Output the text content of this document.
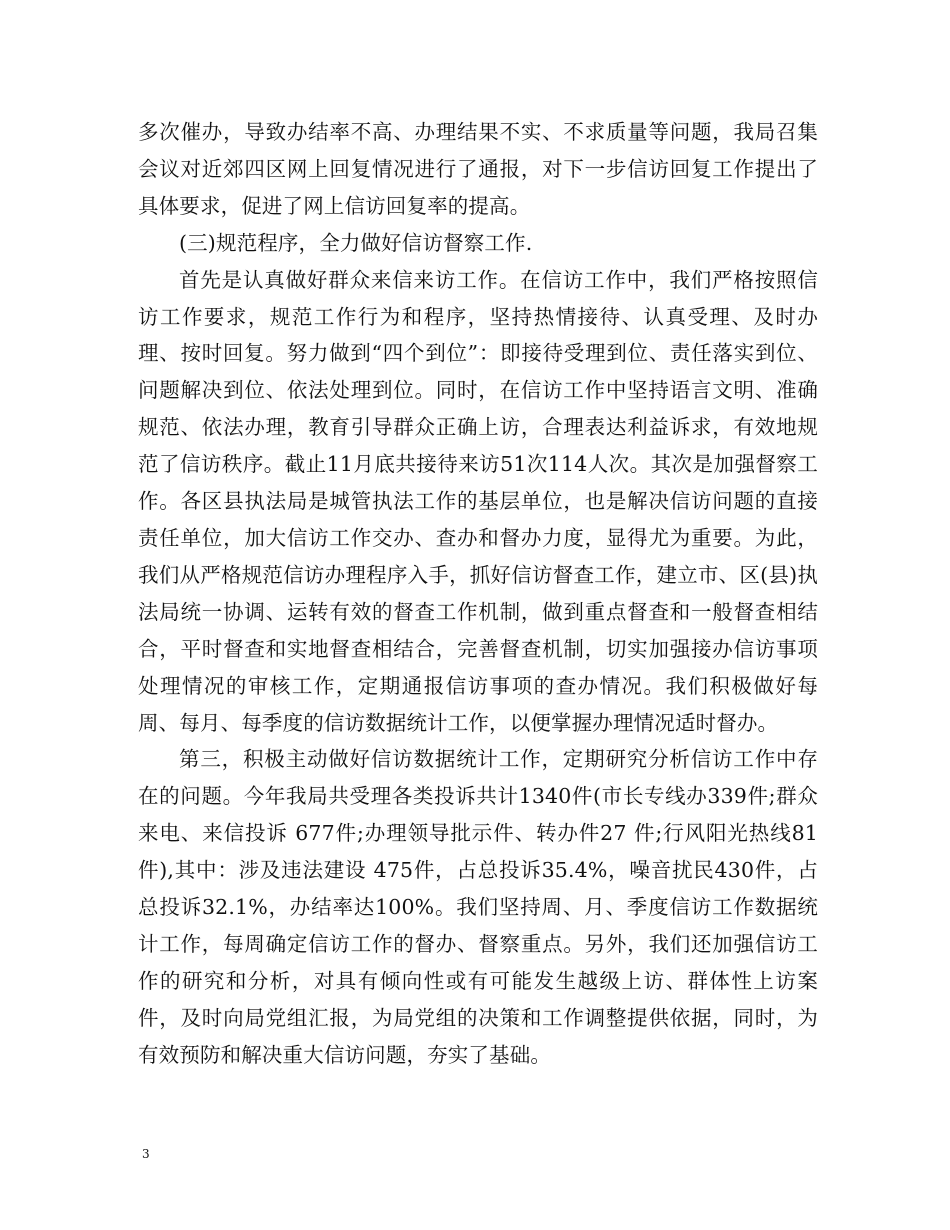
多次催办，导致办结率不高、办理结果不实、不求质量等问题，我局召集会议对近郊四区网上回复情况进行了通报，对下一步信访回复工作提出了具体要求，促进了网上信访回复率的提高。

(三)规范程序，全力做好信访督察工作.

首先是认真做好群众来信来访工作。在信访工作中，我们严格按照信访工作要求，规范工作行为和程序，坚持热情接待、认真受理、及时办理、按时回复。努力做到“四个到位”：即接待受理到位、责任落实到位、问题解决到位、依法处理到位。同时，在信访工作中坚持语言文明、准确规范、依法办理，教育引导群众正确上访，合理表达利益诉求，有效地规范了信访秩序。截止11月底共接待来访51次114人次。其次是加强督察工作。各区县执法局是城管执法工作的基层单位，也是解决信访问题的直接责任单位，加大信访工作交办、查办和督办力度，显得尤为重要。为此，我们从严格规范信访办理程序入手，抓好信访督查工作，建立市、区(县)执法局统一协调、运转有效的督查工作机制，做到重点督查和一般督查相结合，平时督查和实地督查相结合，完善督查机制，切实加强接办信访事项处理情况的审核工作，定期通报信访事项的查办情况。我们积极做好每周、每月、每季度的信访数据统计工作，以便掌握办理情况适时督办。

第三，积极主动做好信访数据统计工作，定期研究分析信访工作中存在的问题。今年我局共受理各类投诉共计1340件(市长专线办339件;群众来电、来信投诉 677件;办理领导批示件、转办件27 件;行风阳光热线81件),其中：涉及违法建设 475件，占总投诉35.4%，噪音扰民430件，占总投诉32.1%，办结率达100%。我们坚持周、月、季度信访工作数据统计工作，每周确定信访工作的督办、督察重点。另外，我们还加强信访工作的研究和分析，对具有倾向性或有可能发生越级上访、群体性上访案件，及时向局党组汇报，为局党组的决策和工作调整提供依据，同时，为有效预防和解决重大信访问题，夯实了基础。

3
